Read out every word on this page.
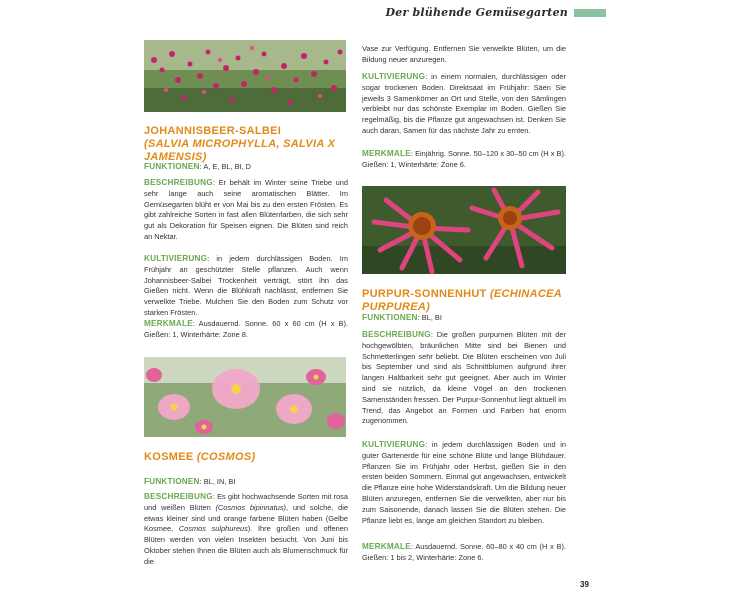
Der blühende Gemüsegarten
JOHANNISBEER-SALBEI
(SALVIA MICROPHYLLA, SALVIA X JAMENSIS)
FUNKTIONEN: A, E, BL, BI, D
BESCHREIBUNG: Er behält im Winter seine Triebe und sehr lange auch seine aromatischen Blätter. Im Gemüsegarten blüht er von Mai bis zu den ersten Frösten. Es gibt zahlreiche Sorten in fast allen Blütenfarben, die sich sehr gut als Dekoration für Speisen eignen. Die Blüten sind reich an Nektar.
KULTIVIERUNG: in jedem durchlässigen Boden. Im Frühjahr an geschützter Stelle pflanzen. Auch wenn Johannisbeer-Salbei Trockenheit verträgt, stört ihn das Gießen nicht. Wenn die Blühkraft nachlässt, entfernen Sie verwelkte Triebe. Mulchen Sie den Boden zum Schutz vor starken Frösten.
MERKMALE: Ausdauernd. Sonne. 60 x 60 cm (H x B). Gießen: 1, Winterhärte: Zone 8.
KOSMEE (COSMOS)
FUNKTIONEN: BL, IN, BI
BESCHREIBUNG: Es gibt hochwachsende Sorten mit rosa und weißen Blüten (Cosmos bipinnatus), und solche, die etwas kleiner sind und orange farbene Blüten haben (Gelbe Kosmee, Cosmos sulphureus). Ihre großen und offenen Blüten werden von vielen Insekten besucht. Von Juni bis Oktober stehen Ihnen die Blüten auch als Blumenschmuck für die
Vase zur Verfügung. Entfernen Sie verwelkte Blüten, um die Bildung neuer anzuregen.
KULTIVIERUNG: in einem normalen, durchlässigen oder sogar trockenen Boden. Direktsaat im Frühjahr: Säen Sie jeweils 3 Samenkörner an Ort und Stelle, von den Sämlingen verbleibt nur das schönste Exemplar im Boden. Gießen Sie regelmäßig, bis die Pflanze gut angewachsen ist. Denken Sie auch daran, Samen für das nächste Jahr zu ernten.
MERKMALE: Einjährig. Sonne. 50–120 x 30–50 cm (H x B). Gießen: 1, Winterhärte: Zone 6.
PURPUR-SONNENHUT (ECHINACEA PURPUREA)
FUNKTIONEN: BL, BI
BESCHREIBUNG: Die großen purpurnen Blüten mit der hochgewölbten, bräunlichen Mitte sind bei Bienen und Schmetterlingen sehr beliebt. Die Blüten erscheinen von Juli bis September und sind als Schnittblumen aufgrund ihrer langen Haltbarkeit sehr gut geeignet. Aber auch im Winter sind sie nützlich, da kleine Vögel an den trockenen Samenständen fressen. Der Purpur-Sonnenhut liegt aktuell im Trend, das Angebot an Formen und Farben hat enorm zugenommen.
KULTIVIERUNG: in jedem durchlässigen Boden und in guter Gartenerde für eine schöne Blüte und lange Blühdauer. Pflanzen Sie im Frühjahr oder Herbst, gießen Sie in den ersten beiden Sommern. Einmal gut angewachsen, entwickelt die Pflanze eine hohe Widerstandskraft. Um die Bildung neuer Blüten anzuregen, entfernen Sie die verwelkten, aber nur bis zum Saisonende, danach lassen Sie die Blüten stehen. Die Pflanze liebt es, lange am gleichen Standort zu bleiben.
MERKMALE: Ausdauernd. Sonne. 60–80 x 40 cm (H x B). Gießen: 1 bis 2, Winterhärte: Zone 6.
39
